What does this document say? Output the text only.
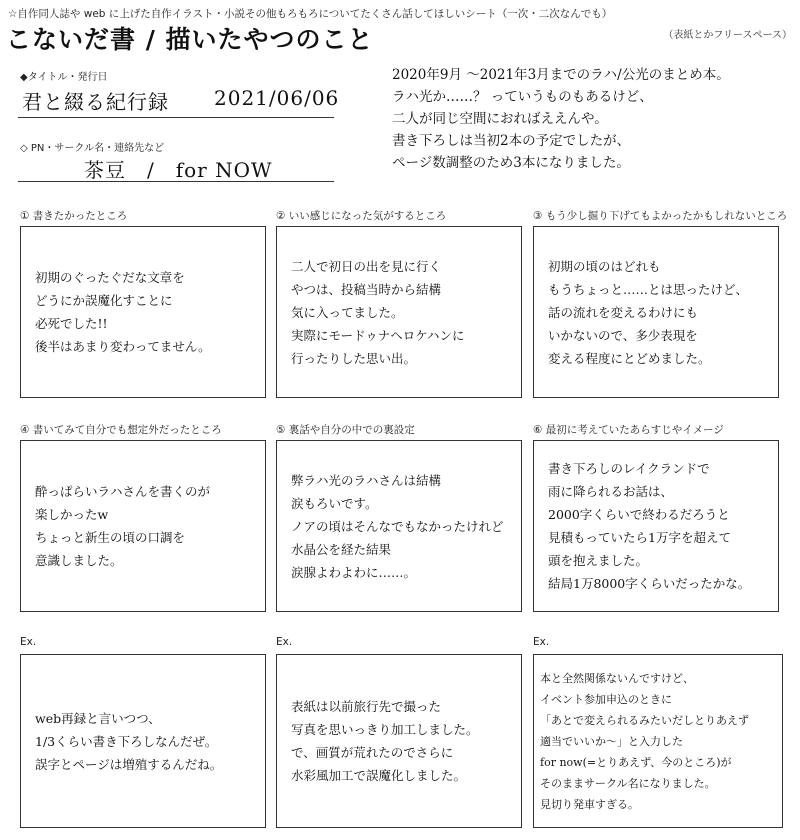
☆自作同人誌や web に上げた自作イラスト・小説その他もろもろについてたくさん話してほしいシート（一次・二次なんでも）
こないだ書 / 描いたやつのこと	（表紙とかフリースペース）
◆タイトル・発行日
君と綴る紀行録 2021/06/06
◇ PN・サークル名・連絡先など
茶豆　/　for NOW
2020年9月 ～2021年3月までのラハ/公光のまとめ本。
ラハ光か……？ っていうものもあるけど、
二人が同じ空間におればええんや。
書き下ろしは当初2本の予定でしたが、
ページ数調整のため3本になりました。
① 書きたかったところ
初期のぐったぐだな文章を
どうにか誤魔化すことに
必死でした!!
後半はあまり変わってません。
② いい感じになった気がするところ
二人で初日の出を見に行く
やつは、投稿当時から結構
気に入ってました。
実際にモードゥナヘロケハンに
行ったりした思い出。
③ もう少し掘り下げてもよかったかもしれないところ
初期の頃のはどれも
もうちょっと……とは思ったけど、
話の流れを変えるわけにも
いかないので、多少表現を
変える程度にとどめました。
④ 書いてみて自分でも想定外だったところ
酔っぱらいラハさんを書くのが
楽しかったw
ちょっと新生の頃の口調を
意識しました。
⑤ 裏話や自分の中での裏設定
弊ラハ光のラハさんは結構
涙もろいです。
ノアの頃はそんなでもなかったけれど
水晶公を経た結果
涙腺よわよわに……。
⑥ 最初に考えていたあらすじやイメージ
書き下ろしのレイクランドで
雨に降られるお話は、
2000字くらいで終わるだろうと
見積もっていたら1万字を超えて
頭を抱えました。
結局1万8000字くらいだったかな。
Ex.
web再録と言いつつ、
1/3くらい書き下ろしなんだぜ。
誤字とページは増殖するんだね。
Ex.
表紙は以前旅行先で撮った
写真を思いっきり加工しました。
で、画質が荒れたのでさらに
水彩風加工で誤魔化しました。
Ex.
本と全然関係ないんですけど、
イベント参加申込のときに
「あとで変えられるみたいだしとりあえず
適当でいいか～」と入力した
for now(=とりあえず、今のところ)が
そのままサークル名になりました。
見切り発車すぎる。
